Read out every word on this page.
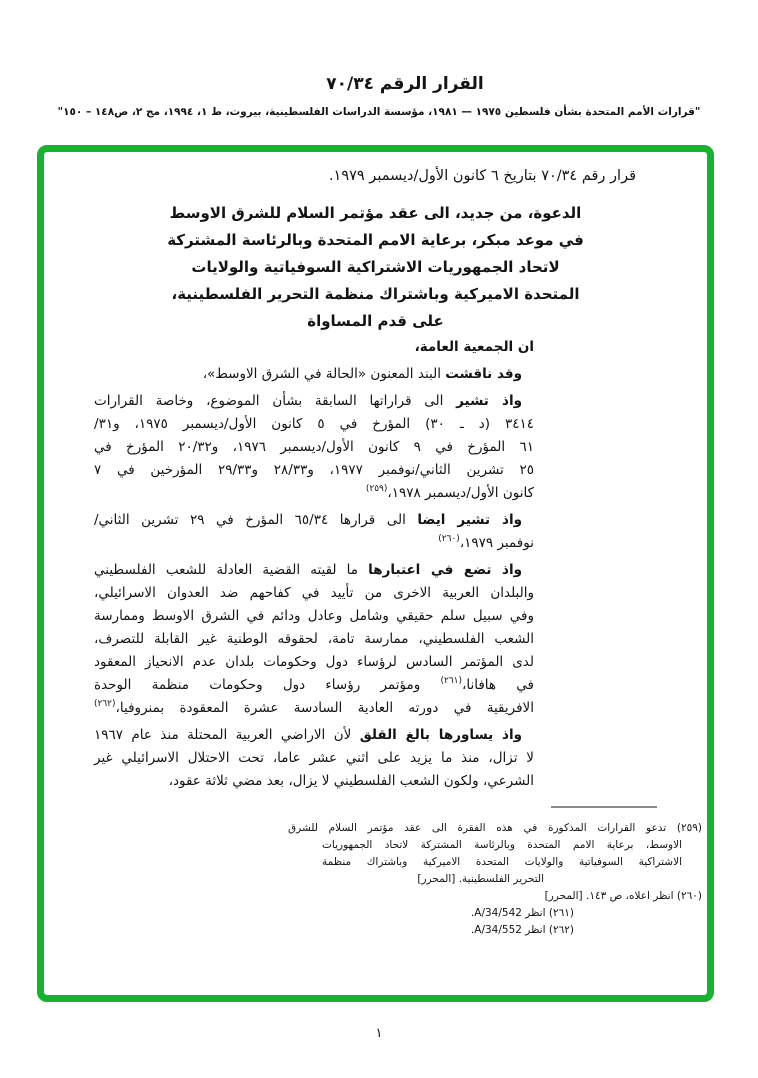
القرار الرقم ٧٠/٣٤
"قرارات الأمم المتحدة بشأن فلسطين ١٩٧٥ — ١٩٨١، مؤسسة الدراسات الفلسطينية، بيروت، ط ١، ١٩٩٤، مج ٢، ص١٤٨ – ١٥٠"
قرار رقم ٧٠/٣٤ بتاريخ ٦ كانون الأول/ديسمبر ١٩٧٩.
الدعوة، من جديد، الى عقد مؤتمر السلام للشرق الاوسط
في موعد مبكر، برعاية الامم المتحدة وبالرئاسة المشتركة
لاتحاد الجمهوريات الاشتراكية السوفياتية والولايات
المتحدة الاميركية وباشتراك منظمة التحرير الفلسطينية،
على قدم المساواة
ان الجمعية العامة،
وقد ناقشت البند المعنون «الحالة في الشرق الاوسط»،
واذ تشير الى قراراتها السابقة بشأن الموضوع، وخاصة القرارات
٣٤١٤ (د ـ ٣٠) المؤرخ في ٥ كانون الأول/ديسمبر ١٩٧٥، و٣١/
٦١ المؤرخ في ٩ كانون الأول/ديسمبر ١٩٧٦، و٢٠/٣٢ المؤرخ في
٢٥ تشرين الثاني/نوفمبر ١٩٧٧، و٢٨/٣٣ و٢٩/٣٣ المؤرخين في ٧
كانون الأول/ديسمبر ١٩٧٨،$^{(٢٥٩)}$
واذ تشير ايضا الى قرارها ٦٥/٣٤ المؤرخ في ٢٩ تشرين الثاني/
نوفمبر ١٩٧٩،$^{(٢٦٠)}$
واذ تضع في اعتبارها ما لقيته القضية العادلة للشعب الفلسطيني
والبلدان العربية الاخرى من تأييد في كفاحهم ضد العدوان الاسرائيلي،
وفي سبيل سلم حقيقي وشامل وعادل ودائم في الشرق الاوسط وممارسة
الشعب الفلسطيني، ممارسة تامة، لحقوقه الوطنية غير القابلة للتصرف،
لدى المؤتمر السادس لرؤساء دول وحكومات بلدان عدم الانحياز المعقود
في هافانا،$^{(٢٦١)}$ ومؤتمر رؤساء دول وحكومات منظمة الوحدة
الافريقية في دورته العادية السادسة عشرة المعقودة بمنروفيا،$^{(٢٦٢)}$
واذ يساورها بالغ القلق لأن الاراضي العربية المحتلة منذ عام ١٩٦٧
لا تزال، منذ ما يزيد على اثني عشر عاما، تحت الاحتلال الاسرائيلي غير
الشرعي، ولكون الشعب الفلسطيني لا يزال، بعد مضي ثلاثة عقود،
(٢٥٩) تدعو القرارات المذكورة في هذه الفقرة الى عقد مؤتمر السلام للشرق
الاوسط، برعاية الامم المتحدة وبالرئاسة المشتركة لاتحاد الجمهوريات
الاشتراكية السوفياتية والولايات المتحدة الاميركية وباشتراك منظمة
التحرير الفلسطينية. [المحرر]
(٢٦٠) انظر اعلاه، ص ١٤٣. [المحرر]
(٢٦١) انظر A/34/542.
(٢٦٢) انظر A/34/552.
١
